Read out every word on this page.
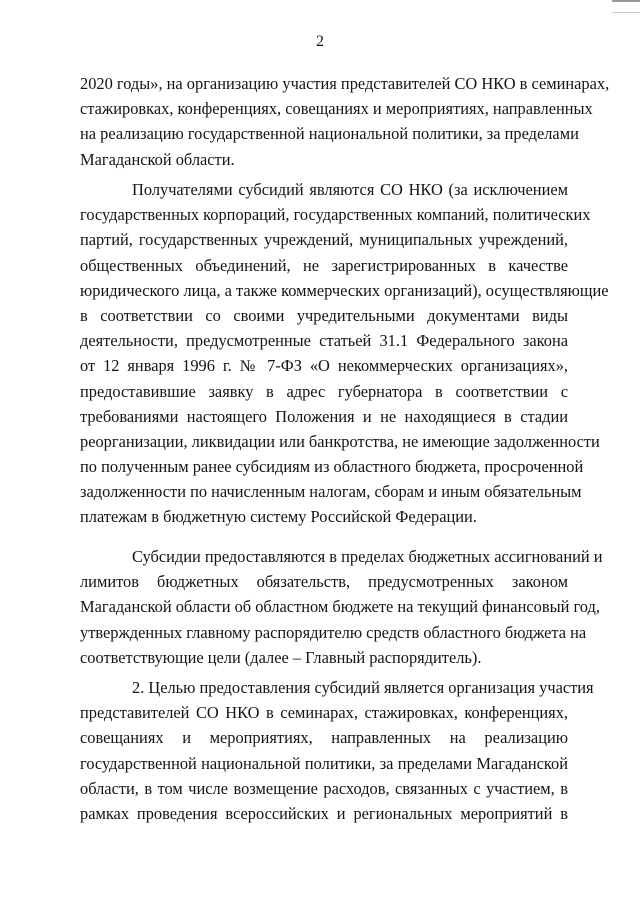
2
2020 годы», на организацию участия представителей СО НКО в семинарах,
стажировках, конференциях, совещаниях и мероприятиях, направленных
на реализацию государственной национальной политики, за пределами
Магаданской области.
Получателями субсидий являются СО НКО (за исключением
государственных корпораций, государственных компаний, политических
партий, государственных учреждений, муниципальных учреждений,
общественных объединений, не зарегистрированных в качестве
юридического лица, а также коммерческих организаций), осуществляющие
в соответствии со своими учредительными документами виды
деятельности, предусмотренные статьей 31.1 Федерального закона
от 12 января 1996 г. № 7-ФЗ «О некоммерческих организациях»,
предоставившие заявку в адрес губернатора в соответствии с
требованиями настоящего Положения и не находящиеся в стадии
реорганизации, ликвидации или банкротства, не имеющие задолженности
по полученным ранее субсидиям из областного бюджета, просроченной
задолженности по начисленным налогам, сборам и иным обязательным
платежам в бюджетную систему Российской Федерации.
Субсидии предоставляются в пределах бюджетных ассигнований и
лимитов бюджетных обязательств, предусмотренных законом
Магаданской области об областном бюджете на текущий финансовый год,
утвержденных главному распорядителю средств областного бюджета на
соответствующие цели (далее – Главный распорядитель).
2. Целью предоставления субсидий является организация участия
представителей СО НКО в семинарах, стажировках, конференциях,
совещаниях и мероприятиях, направленных на реализацию
государственной национальной политики, за пределами Магаданской
области, в том числе возмещение расходов, связанных с участием, в
рамках проведения всероссийских и региональных мероприятий в
